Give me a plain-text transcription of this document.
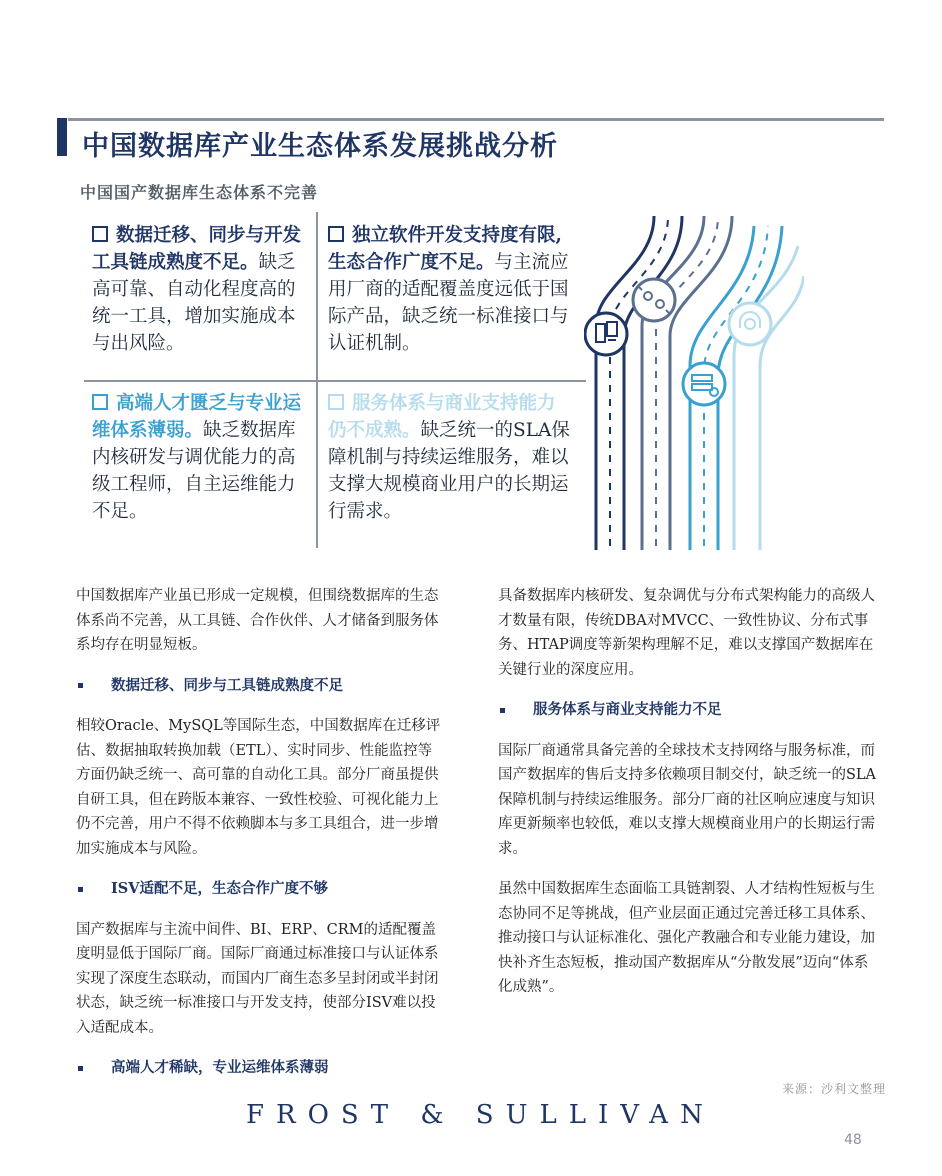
中国数据库产业生态体系发展挑战分析
中国国产数据库生态体系不完善
数据迁移、同步与开发工具链成熟度不足。缺乏高可靠、自动化程度高的统一工具，增加实施成本与出风险。
独立软件开发支持度有限,生态合作广度不足。与主流应用厂商的适配覆盖度远低于国际产品，缺乏统一标准接口与认证机制。
高端人才匮乏与专业运维体系薄弱。缺乏数据库内核研发与调优能力的高级工程师，自主运维能力不足。
服务体系与商业支持能力仍不成熟。缺乏统一的SLA保障机制与持续运维服务，难以支撑大规模商业用户的长期运行需求。

中国数据库产业虽已形成一定规模，但围绕数据库的生态体系尚不完善，从工具链、合作伙伴、人才储备到服务体系均存在明显短板。

数据迁移、同步与工具链成熟度不足

相较Oracle、MySQL等国际生态，中国数据库在迁移评估、数据抽取转换加载（ETL）、实时同步、性能监控等方面仍缺乏统一、高可靠的自动化工具。部分厂商虽提供自研工具，但在跨版本兼容、一致性校验、可视化能力上仍不完善，用户不得不依赖脚本与多工具组合，进一步增加实施成本与风险。

ISV适配不足，生态合作广度不够

国产数据库与主流中间件、BI、ERP、CRM的适配覆盖度明显低于国际厂商。国际厂商通过标准接口与认证体系实现了深度生态联动，而国内厂商生态多呈封闭或半封闭状态，缺乏统一标准接口与开发支持，使部分ISV难以投入适配成本。

高端人才稀缺，专业运维体系薄弱

具备数据库内核研发、复杂调优与分布式架构能力的高级人才数量有限，传统DBA对MVCC、一致性协议、分布式事务、HTAP调度等新架构理解不足，难以支撑国产数据库在关键行业的深度应用。

服务体系与商业支持能力不足

国际厂商通常具备完善的全球技术支持网络与服务标准，而国产数据库的售后支持多依赖项目制交付，缺乏统一的SLA保障机制与持续运维服务。部分厂商的社区响应速度与知识库更新频率也较低，难以支撑大规模商业用户的长期运行需求。

虽然中国数据库生态面临工具链割裂、人才结构性短板与生态协同不足等挑战，但产业层面正通过完善迁移工具体系、推动接口与认证标准化、强化产教融合和专业能力建设，加快补齐生态短板，推动国产数据库从“分散发展”迈向“体系化成熟”。

来源：沙利文整理
FROST & SULLIVAN
48
